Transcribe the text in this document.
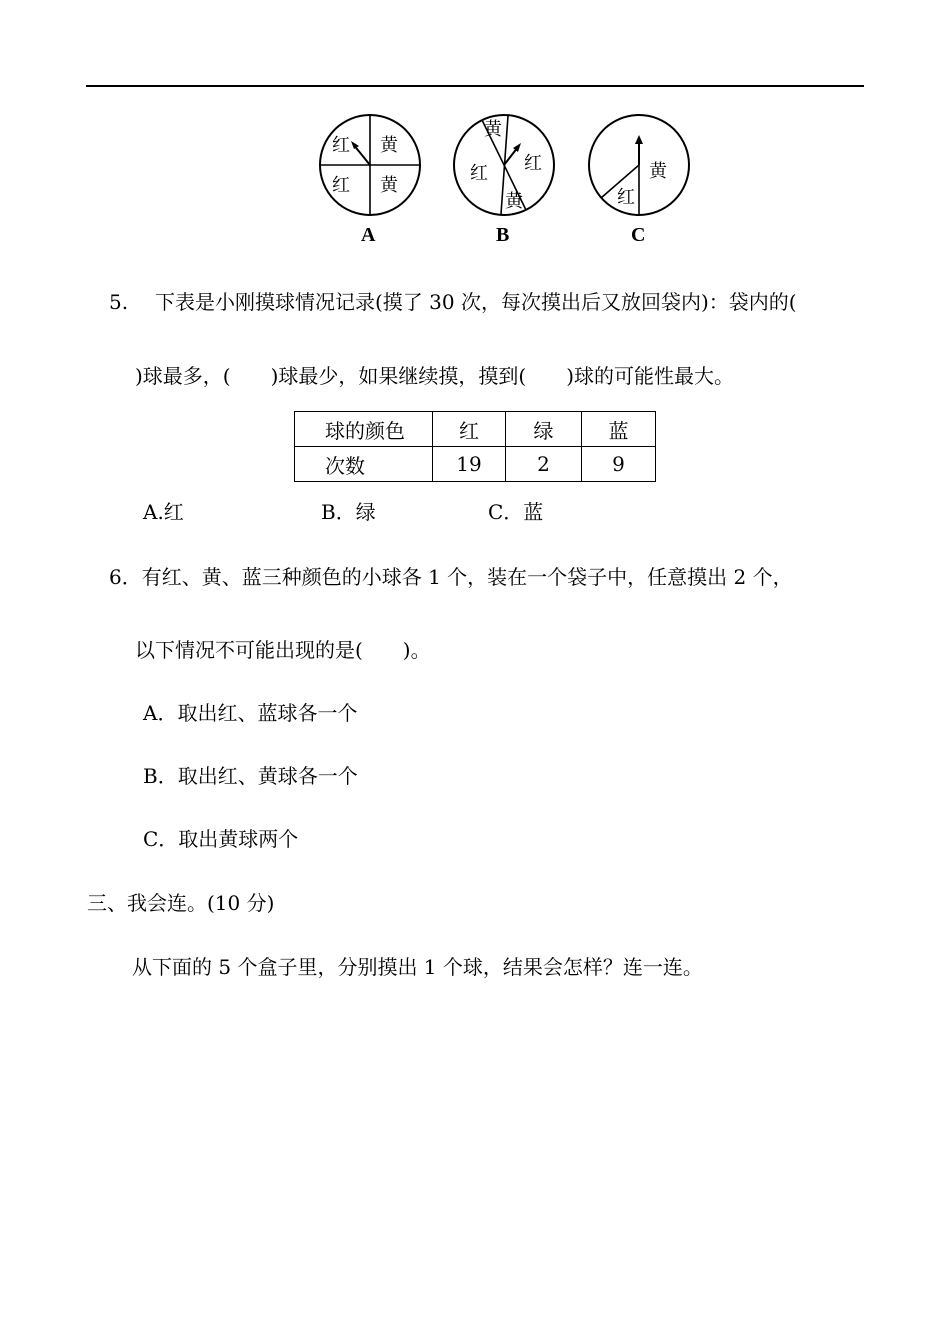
红 黄
红 黄
A
黄
红
红
黄
B
黄
红
C
5. 下表是小刚摸球情况记录(摸了 30 次，每次摸出后又放回袋内)：袋内的(
)球最多，(　　)球最少，如果继续摸，摸到(　　)球的可能性最大。
球的颜色	红	绿	蓝
次数	19	2	9
A.红	B．绿	C．蓝
6．有红、黄、蓝三种颜色的小球各 1 个，装在一个袋子中，任意摸出 2 个，
以下情况不可能出现的是(　　)。
A．取出红、蓝球各一个
B．取出红、黄球各一个
C．取出黄球两个
三、我会连。(10 分)
从下面的 5 个盒子里，分别摸出 1 个球，结果会怎样？连一连。
